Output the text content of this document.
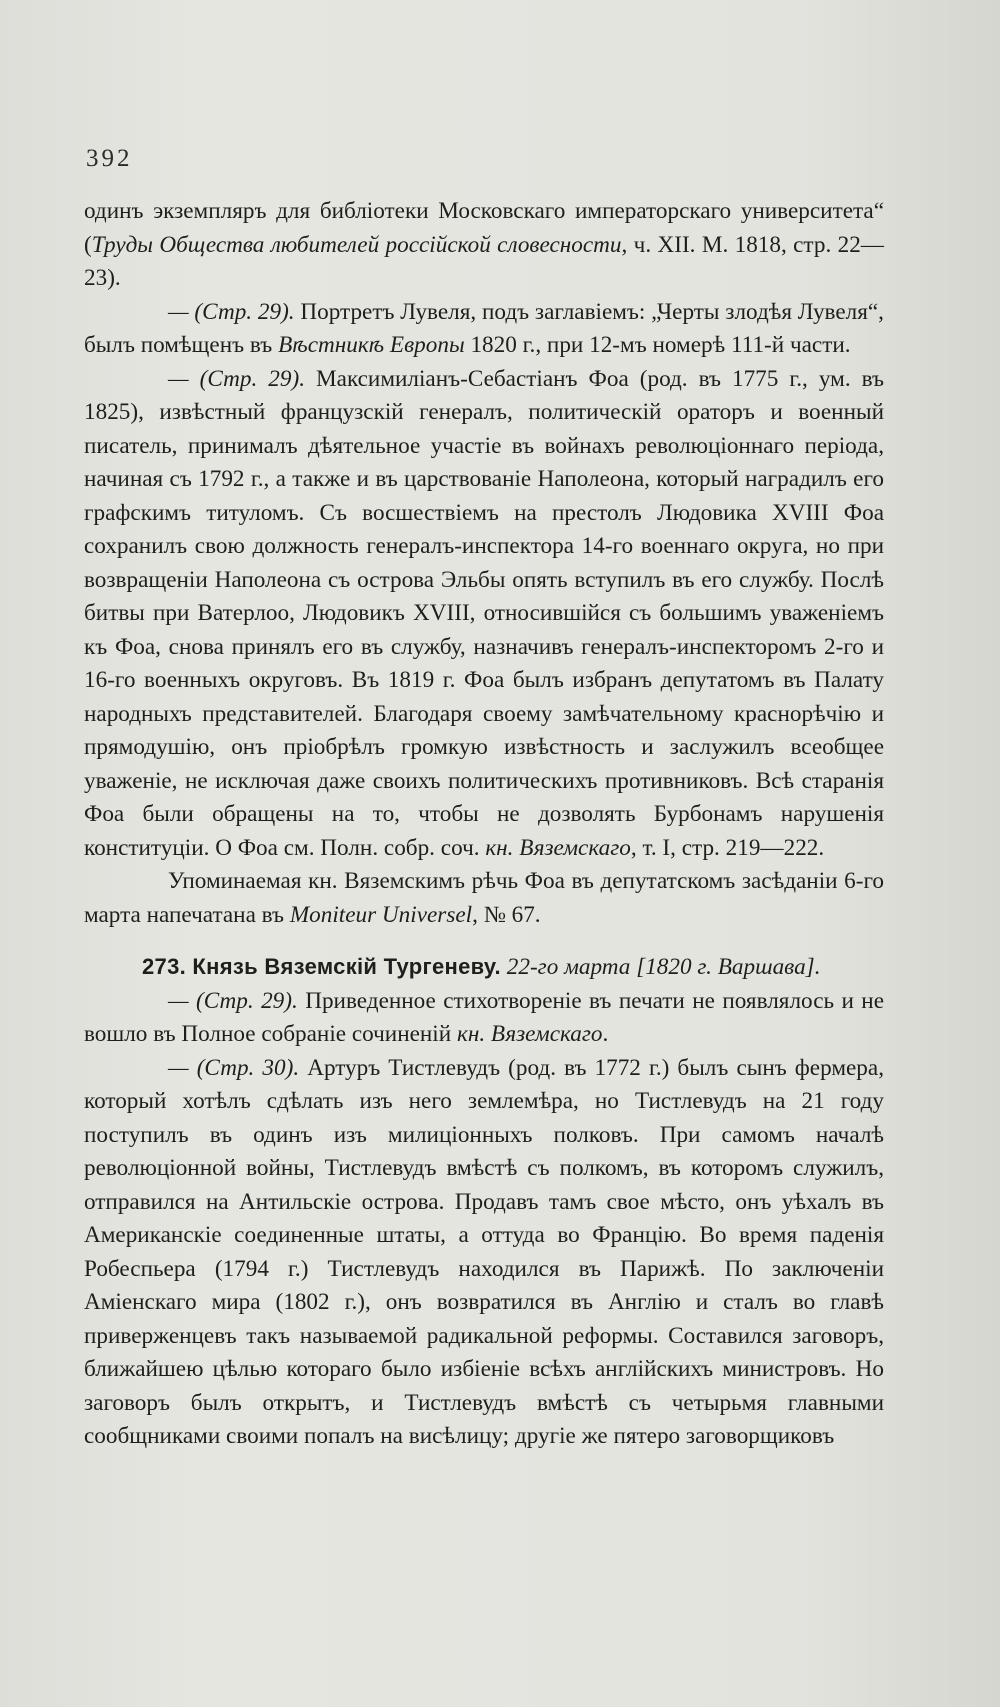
392

одинъ экземпляръ для библіотеки Московскаго императорскаго университета“ (Труды Общества любителей россійской словесности, ч. XII. М. 1818, стр. 22—23).

— (Стр. 29). Портретъ Лувеля, подъ заглавіемъ: „Черты злодѣя Лувеля“, былъ помѣщенъ въ Вѣстникѣ Европы 1820 г., при 12-мъ номерѣ 111-й части.

— (Стр. 29). Максимиліанъ-Себастіанъ Фоа (род. въ 1775 г., ум. въ 1825), извѣстный французскій генералъ, политическій ораторъ и военный писатель, принималъ дѣятельное участіе въ войнахъ революціоннаго періода, начиная съ 1792 г., а также и въ царствованіе Наполеона, который наградилъ его графскимъ титуломъ. Съ восшествіемъ на престолъ Людовика XVIII Фоа сохранилъ свою должность генералъ-инспектора 14-го военнаго округа, но при возвращеніи Наполеона съ острова Эльбы опять вступилъ въ его службу. Послѣ битвы при Ватерлоо, Людовикъ XVIII, относившійся съ большимъ уваженіемъ къ Фоа, снова принялъ его въ службу, назначивъ генералъ-инспекторомъ 2-го и 16-го военныхъ округовъ. Въ 1819 г. Фоа былъ избранъ депутатомъ въ Палату народныхъ представителей. Благодаря своему замѣчательному краснорѣчію и прямодушію, онъ пріобрѣлъ громкую извѣстность и заслужилъ всеобщее уваженіе, не исключая даже своихъ политическихъ противниковъ. Всѣ старанія Фоа были обращены на то, чтобы не дозволять Бурбонамъ нарушенія конституціи. О Фоа см. Полн. собр. соч. кн. Вяземскаго, т. I, стр. 219—222.

Упоминаемая кн. Вяземскимъ рѣчь Фоа въ депутатскомъ засѣданіи 6-го марта напечатана въ Moniteur Universel, № 67.

273. Князь Вяземскій Тургеневу. 22-го марта [1820 г. Варшава].

— (Стр. 29). Приведенное стихотвореніе въ печати не появлялось и не вошло въ Полное собраніе сочиненій кн. Вяземскаго.

— (Стр. 30). Артуръ Тистлевудъ (род. въ 1772 г.) былъ сынъ фермера, который хотѣлъ сдѣлать изъ него землемѣра, но Тистлевудъ на 21 году поступилъ въ одинъ изъ милиціонныхъ полковъ. При самомъ началѣ революціонной войны, Тистлевудъ вмѣстѣ съ полкомъ, въ которомъ служилъ, отправился на Антильскіе острова. Продавъ тамъ свое мѣсто, онъ уѣхалъ въ Американскіе соединенные штаты, а оттуда во Францію. Во время паденія Робеспьера (1794 г.) Тистлевудъ находился въ Парижѣ. По заключеніи Аміенскаго мира (1802 г.), онъ возвратился въ Англію и сталъ во главѣ приверженцевъ такъ называемой радикальной реформы. Составился заговоръ, ближайшею цѣлью котораго было избіеніе всѣхъ англійскихъ министровъ. Но заговоръ былъ открытъ, и Тистлевудъ вмѣстѣ съ четырьмя главными сообщниками своими попалъ на висѣлицу; другіе же пятеро заговорщиковъ
